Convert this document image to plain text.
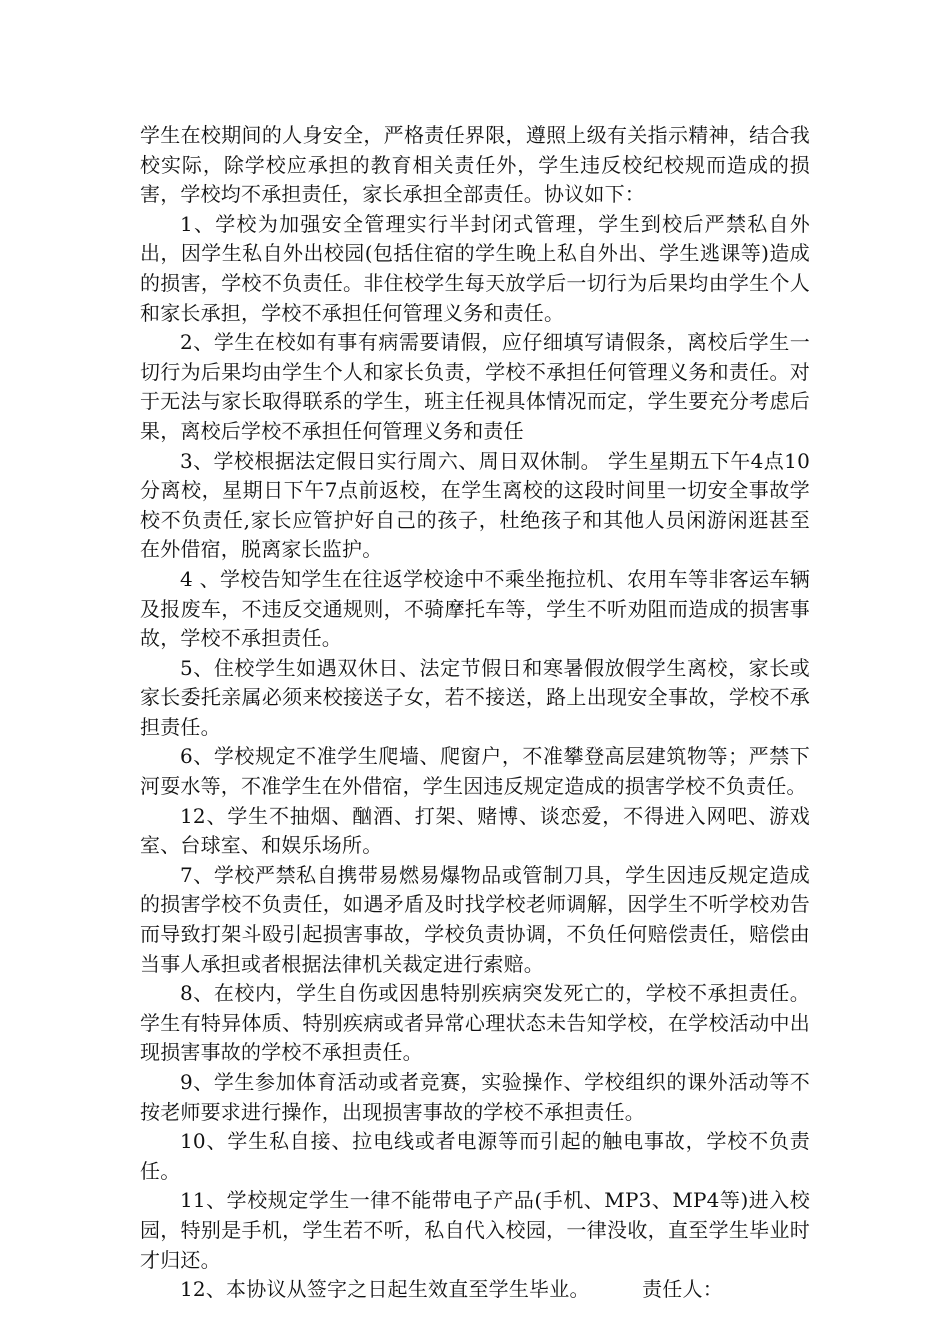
学生在校期间的人身安全，严格责任界限，遵照上级有关指示精神，结合我校实际，除学校应承担的教育相关责任外，学生违反校纪校规而造成的损害，学校均不承担责任，家长承担全部责任。协议如下：

1、学校为加强安全管理实行半封闭式管理，学生到校后严禁私自外出，因学生私自外出校园(包括住宿的学生晚上私自外出、学生逃课等)造成的损害，学校不负责任。非住校学生每天放学后一切行为后果均由学生个人和家长承担，学校不承担任何管理义务和责任。

2、学生在校如有事有病需要请假，应仔细填写请假条，离校后学生一切行为后果均由学生个人和家长负责，学校不承担任何管理义务和责任。对于无法与家长取得联系的学生，班主任视具体情况而定，学生要充分考虑后果，离校后学校不承担任何管理义务和责任

3、学校根据法定假日实行周六、周日双休制。 学生星期五下午4点10分离校，星期日下午7点前返校，在学生离校的这段时间里一切安全事故学校不负责任,家长应管护好自己的孩子，杜绝孩子和其他人员闲游闲逛甚至在外借宿，脱离家长监护。

4 、学校告知学生在往返学校途中不乘坐拖拉机、农用车等非客运车辆及报废车，不违反交通规则，不骑摩托车等，学生不听劝阻而造成的损害事故，学校不承担责任。

5、住校学生如遇双休日、法定节假日和寒暑假放假学生离校，家长或家长委托亲属必须来校接送子女，若不接送，路上出现安全事故，学校不承担责任。

6、学校规定不准学生爬墙、爬窗户，不准攀登高层建筑物等；严禁下河耍水等，不准学生在外借宿，学生因违反规定造成的损害学校不负责任。

12、学生不抽烟、酗酒、打架、赌博、谈恋爱，不得进入网吧、游戏室、台球室、和娱乐场所。

7、学校严禁私自携带易燃易爆物品或管制刀具，学生因违反规定造成的损害学校不负责任，如遇矛盾及时找学校老师调解，因学生不听学校劝告而导致打架斗殴引起损害事故，学校负责协调，不负任何赔偿责任，赔偿由当事人承担或者根据法律机关裁定进行索赔。

8、在校内，学生自伤或因患特别疾病突发死亡的，学校不承担责任。学生有特异体质、特别疾病或者异常心理状态未告知学校，在学校活动中出现损害事故的学校不承担责任。

9、学生参加体育活动或者竞赛，实验操作、学校组织的课外活动等不按老师要求进行操作，出现损害事故的学校不承担责任。

10、学生私自接、拉电线或者电源等而引起的触电事故，学校不负责任。

11、学校规定学生一律不能带电子产品(手机、MP3、MP4等)进入校园，特别是手机，学生若不听，私自代入校园，一律没收，直至学生毕业时才归还。

12、本协议从签字之日起生效直至学生毕业。        责任人：
